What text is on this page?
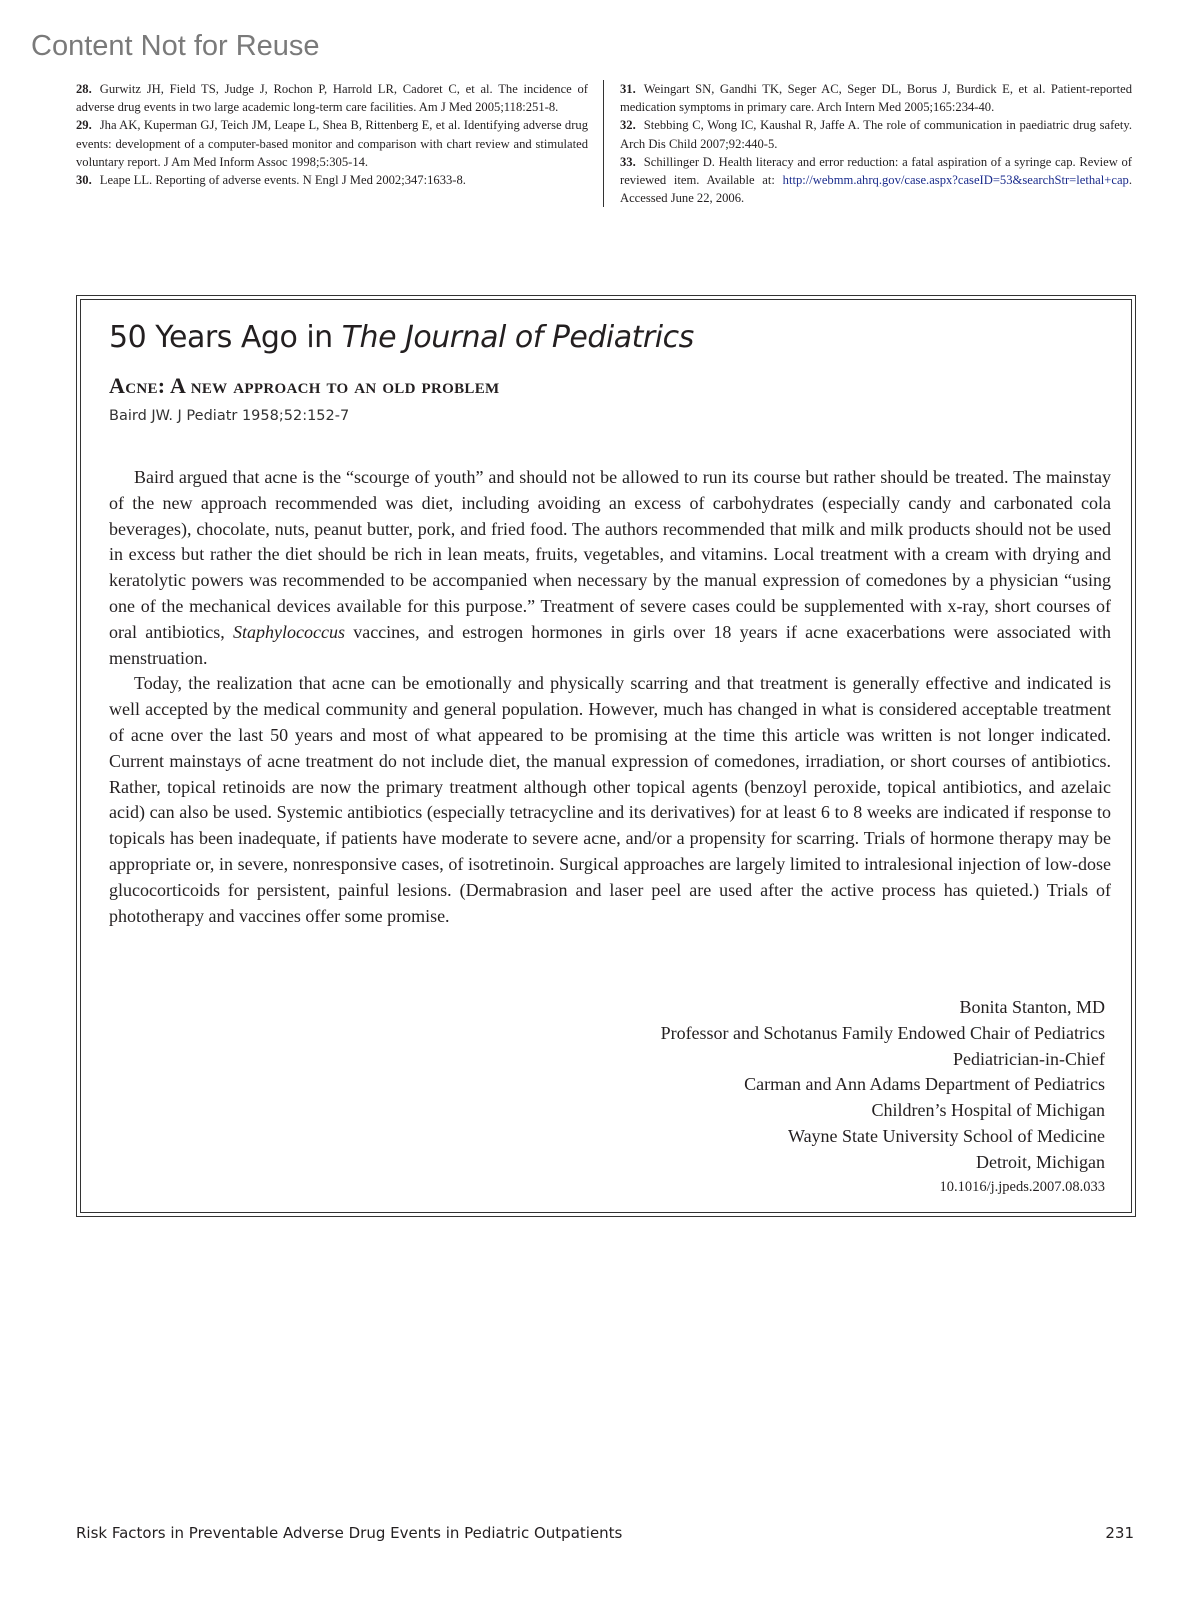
Content Not for Reuse

28. Gurwitz JH, Field TS, Judge J, Rochon P, Harrold LR, Cadoret C, et al. The incidence of adverse drug events in two large academic long-term care facilities. Am J Med 2005;118:251-8.

29. Jha AK, Kuperman GJ, Teich JM, Leape L, Shea B, Rittenberg E, et al. Identifying adverse drug events: development of a computer-based monitor and comparison with chart review and stimulated voluntary report. J Am Med Inform Assoc 1998;5:305-14.

30. Leape LL. Reporting of adverse events. N Engl J Med 2002;347:1633-8.

31. Weingart SN, Gandhi TK, Seger AC, Seger DL, Borus J, Burdick E, et al. Patient-reported medication symptoms in primary care. Arch Intern Med 2005;165:234-40.

32. Stebbing C, Wong IC, Kaushal R, Jaffe A. The role of communication in paediatric drug safety. Arch Dis Child 2007;92:440-5.

33. Schillinger D. Health literacy and error reduction: a fatal aspiration of a syringe cap. Review of reviewed item. Available at: http://webmm.ahrq.gov/case.aspx?caseID=53&searchStr=lethal+cap. Accessed June 22, 2006.

50 Years Ago in The Journal of Pediatrics
Acne: A new approach to an old problem
Baird JW. J Pediatr 1958;52:152-7

Baird argued that acne is the “scourge of youth” and should not be allowed to run its course but rather should be treated. The mainstay of the new approach recommended was diet, including avoiding an excess of carbohydrates (especially candy and carbonated cola beverages), chocolate, nuts, peanut butter, pork, and fried food. The authors recommended that milk and milk products should not be used in excess but rather the diet should be rich in lean meats, fruits, vegetables, and vitamins. Local treatment with a cream with drying and keratolytic powers was recommended to be accompanied when necessary by the manual expression of comedones by a physician “using one of the mechanical devices available for this purpose.” Treatment of severe cases could be supplemented with x-ray, short courses of oral antibiotics, Staphylococcus vaccines, and estrogen hormones in girls over 18 years if acne exacerbations were associated with menstruation.

Today, the realization that acne can be emotionally and physically scarring and that treatment is generally effective and indicated is well accepted by the medical community and general population. However, much has changed in what is considered acceptable treatment of acne over the last 50 years and most of what appeared to be promising at the time this article was written is not longer indicated. Current mainstays of acne treatment do not include diet, the manual expression of comedones, irradiation, or short courses of antibiotics. Rather, topical retinoids are now the primary treatment although other topical agents (benzoyl peroxide, topical antibiotics, and azelaic acid) can also be used. Systemic antibiotics (especially tetracycline and its derivatives) for at least 6 to 8 weeks are indicated if response to topicals has been inadequate, if patients have moderate to severe acne, and/or a propensity for scarring. Trials of hormone therapy may be appropriate or, in severe, nonresponsive cases, of isotretinoin. Surgical approaches are largely limited to intralesional injection of low-dose glucocorticoids for persistent, painful lesions. (Dermabrasion and laser peel are used after the active process has quieted.) Trials of phototherapy and vaccines offer some promise.

Bonita Stanton, MD
Professor and Schotanus Family Endowed Chair of Pediatrics
Pediatrician-in-Chief
Carman and Ann Adams Department of Pediatrics
Children’s Hospital of Michigan
Wayne State University School of Medicine
Detroit, Michigan
10.1016/j.jpeds.2007.08.033
Risk Factors in Preventable Adverse Drug Events in Pediatric Outpatients	231
